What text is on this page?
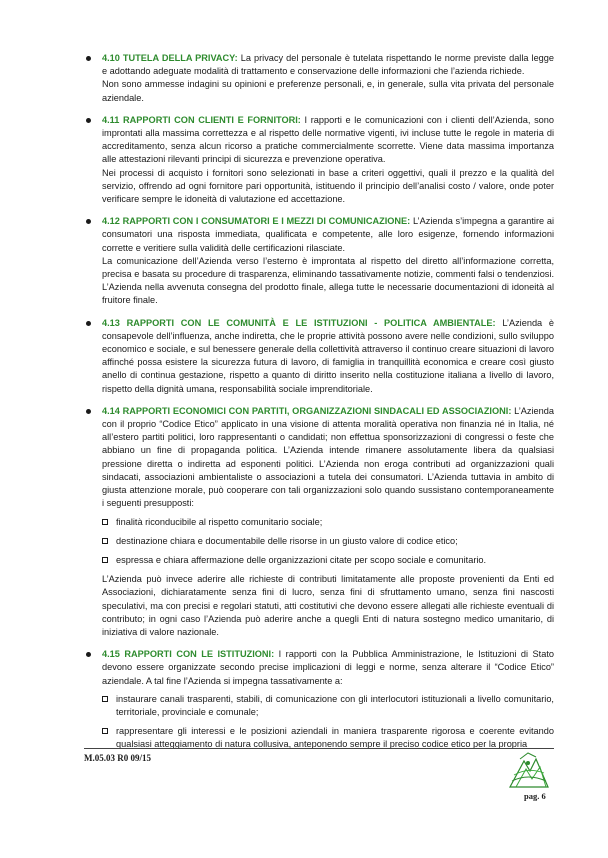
4.10 TUTELA DELLA PRIVACY: La privacy del personale è tutelata rispettando le norme previste dalla legge e adottando adeguate modalità di trattamento e conservazione delle informazioni che l’azienda richiede.

Non sono ammesse indagini su opinioni e preferenze personali, e, in generale, sulla vita privata del personale aziendale.

4.11 RAPPORTI CON CLIENTI E FORNITORI: I rapporti e le comunicazioni con i clienti dell’Azienda, sono improntati alla massima correttezza e al rispetto delle normative vigenti, ivi incluse tutte le regole in materia di accreditamento, senza alcun ricorso a pratiche commercialmente scorrette. Viene data massima importanza alle attestazioni rilevanti principi di sicurezza e prevenzione operativa.

Nei processi di acquisto i fornitori sono selezionati in base a criteri oggettivi, quali il prezzo e la qualità del servizio, offrendo ad ogni fornitore pari opportunità, istituendo il principio dell’analisi costo / valore, onde poter verificare sempre le idoneità di valutazione ed accettazione.

4.12 RAPPORTI CON I CONSUMATORI E I MEZZI DI COMUNICAZIONE: L’Azienda s’impegna a garantire ai consumatori una risposta immediata, qualificata e competente, alle loro esigenze, fornendo informazioni corrette e veritiere sulla validità delle certificazioni rilasciate.

La comunicazione dell’Azienda verso l’esterno è improntata al rispetto del diretto all’informazione corretta, precisa e basata su procedure di trasparenza, eliminando tassativamente notizie, commenti falsi o tendenziosi. L’Azienda nella avvenuta consegna del prodotto finale, allega tutte le necessarie documentazioni di idoneità al fruitore finale.

4.13 RAPPORTI CON LE COMUNITÀ E LE ISTITUZIONI - POLITICA AMBIENTALE: L’Azienda è consapevole dell’influenza, anche indiretta, che le proprie attività possono avere nelle condizioni, sullo sviluppo economico e sociale, e sul benessere generale della collettività attraverso il continuo creare situazioni di lavoro affinché possa esistere la sicurezza futura di lavoro, di famiglia in tranquillità economica e creare così giusto anello di continua gestazione, rispetto a quanto di diritto inserito nella costituzione italiana a livello di lavoro, rispetto della dignità umana, responsabilità sociale imprenditoriale.

4.14 RAPPORTI ECONOMICI CON PARTITI, ORGANIZZAZIONI SINDACALI ED ASSOCIAZIONI: L’Azienda con il proprio “Codice Etico” applicato in una visione di attenta moralità operativa non finanzia né in Italia, né all’estero partiti politici, loro rappresentanti o candidati; non effettua sponsorizzazioni di congressi o feste che abbiano un fine di propaganda politica. L’Azienda intende rimanere assolutamente libera da qualsiasi pressione diretta o indiretta ad esponenti politici. L’Azienda non eroga contributi ad organizzazioni quali sindacati, associazioni ambientaliste o associazioni a tutela dei consumatori. L’Azienda tuttavia in ambito di giusta attenzione morale, può cooperare con tali organizzazioni solo quando sussistano contemporaneamente i seguenti presupposti:

finalità riconducibile al rispetto comunitario sociale;
destinazione chiara e documentabile delle risorse in un giusto valore di codice etico;
espressa e chiara affermazione delle organizzazioni citate per scopo sociale e comunitario.

L’Azienda può invece aderire alle richieste di contributi limitatamente alle proposte provenienti da Enti ed Associazioni, dichiaratamente senza fini di lucro, senza fini di sfruttamento umano, senza fini nascosti speculativi, ma con precisi e regolari statuti, atti costitutivi che devono essere allegati alle richieste eventuali di contributo; in ogni caso l’Azienda può aderire anche a quegli Enti di natura sostegno medico umanitario, di iniziativa di valore nazionale.

4.15 RAPPORTI CON LE ISTITUZIONI: I rapporti con la Pubblica Amministrazione, le Istituzioni di Stato devono essere organizzate secondo precise implicazioni di leggi e norme, senza alterare il “Codice Etico” aziendale. A tal fine l’Azienda si impegna tassativamente a:

instaurare canali trasparenti, stabili, di comunicazione con gli interlocutori istituzionali a livello comunitario, territoriale, provinciale e comunale;
rappresentare gli interessi e le posizioni aziendali in maniera trasparente rigorosa e coerente evitando qualsiasi atteggiamento di natura collusiva, anteponendo sempre il preciso codice etico per la propria
M.05.03 R0 09/15
pag. 6
